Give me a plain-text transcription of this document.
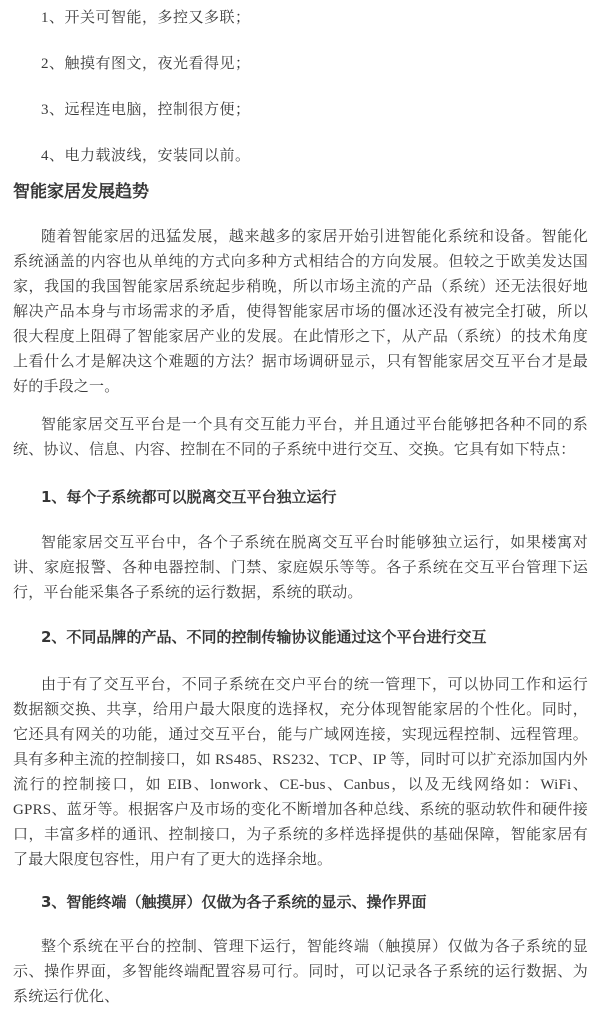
1、开关可智能，多控又多联；

2、触摸有图文，夜光看得见；

3、远程连电脑，控制很方便；

4、电力载波线，安装同以前。

智能家居发展趋势

随着智能家居的迅猛发展，越来越多的家居开始引进智能化系统和设备。智能化系统涵盖的内容也从单纯的方式向多种方式相结合的方向发展。但较之于欧美发达国家，我国的我国智能家居系统起步稍晚，所以市场主流的产品（系统）还无法很好地解决产品本身与市场需求的矛盾，使得智能家居市场的僵冰还没有被完全打破，所以很大程度上阻碍了智能家居产业的发展。在此情形之下，从产品（系统）的技术角度上看什么才是解决这个难题的方法？据市场调研显示，只有智能家居交互平台才是最好的手段之一。

智能家居交互平台是一个具有交互能力平台，并且通过平台能够把各种不同的系统、协议、信息、内容、控制在不同的子系统中进行交互、交换。它具有如下特点：

1、每个子系统都可以脱离交互平台独立运行

智能家居交互平台中，各个子系统在脱离交互平台时能够独立运行，如果楼寓对讲、家庭报警、各种电器控制、门禁、家庭娱乐等等。各子系统在交互平台管理下运行，平台能采集各子系统的运行数据，系统的联动。

2、不同品牌的产品、不同的控制传输协议能通过这个平台进行交互

由于有了交互平台，不同子系统在交户平台的统一管理下，可以协同工作和运行数据额交换、共享，给用户最大限度的选择权，充分体现智能家居的个性化。同时，它还具有网关的功能，通过交互平台，能与广域网连接，实现远程控制、远程管理。具有多种主流的控制接口，如 RS485、RS232、TCP、IP 等，同时可以扩充添加国内外流行的控制接口，如 EIB、lonwork、CE-bus、Canbus，以及无线网络如：WiFi、GPRS、蓝牙等。根据客户及市场的变化不断增加各种总线、系统的驱动软件和硬件接口，丰富多样的通讯、控制接口，为子系统的多样选择提供的基础保障，智能家居有了最大限度包容性，用户有了更大的选择余地。

3、智能终端（触摸屏）仅做为各子系统的显示、操作界面

整个系统在平台的控制、管理下运行，智能终端（触摸屏）仅做为各子系统的显示、操作界面，多智能终端配置容易可行。同时，可以记录各子系统的运行数据、为系统运行优化、
